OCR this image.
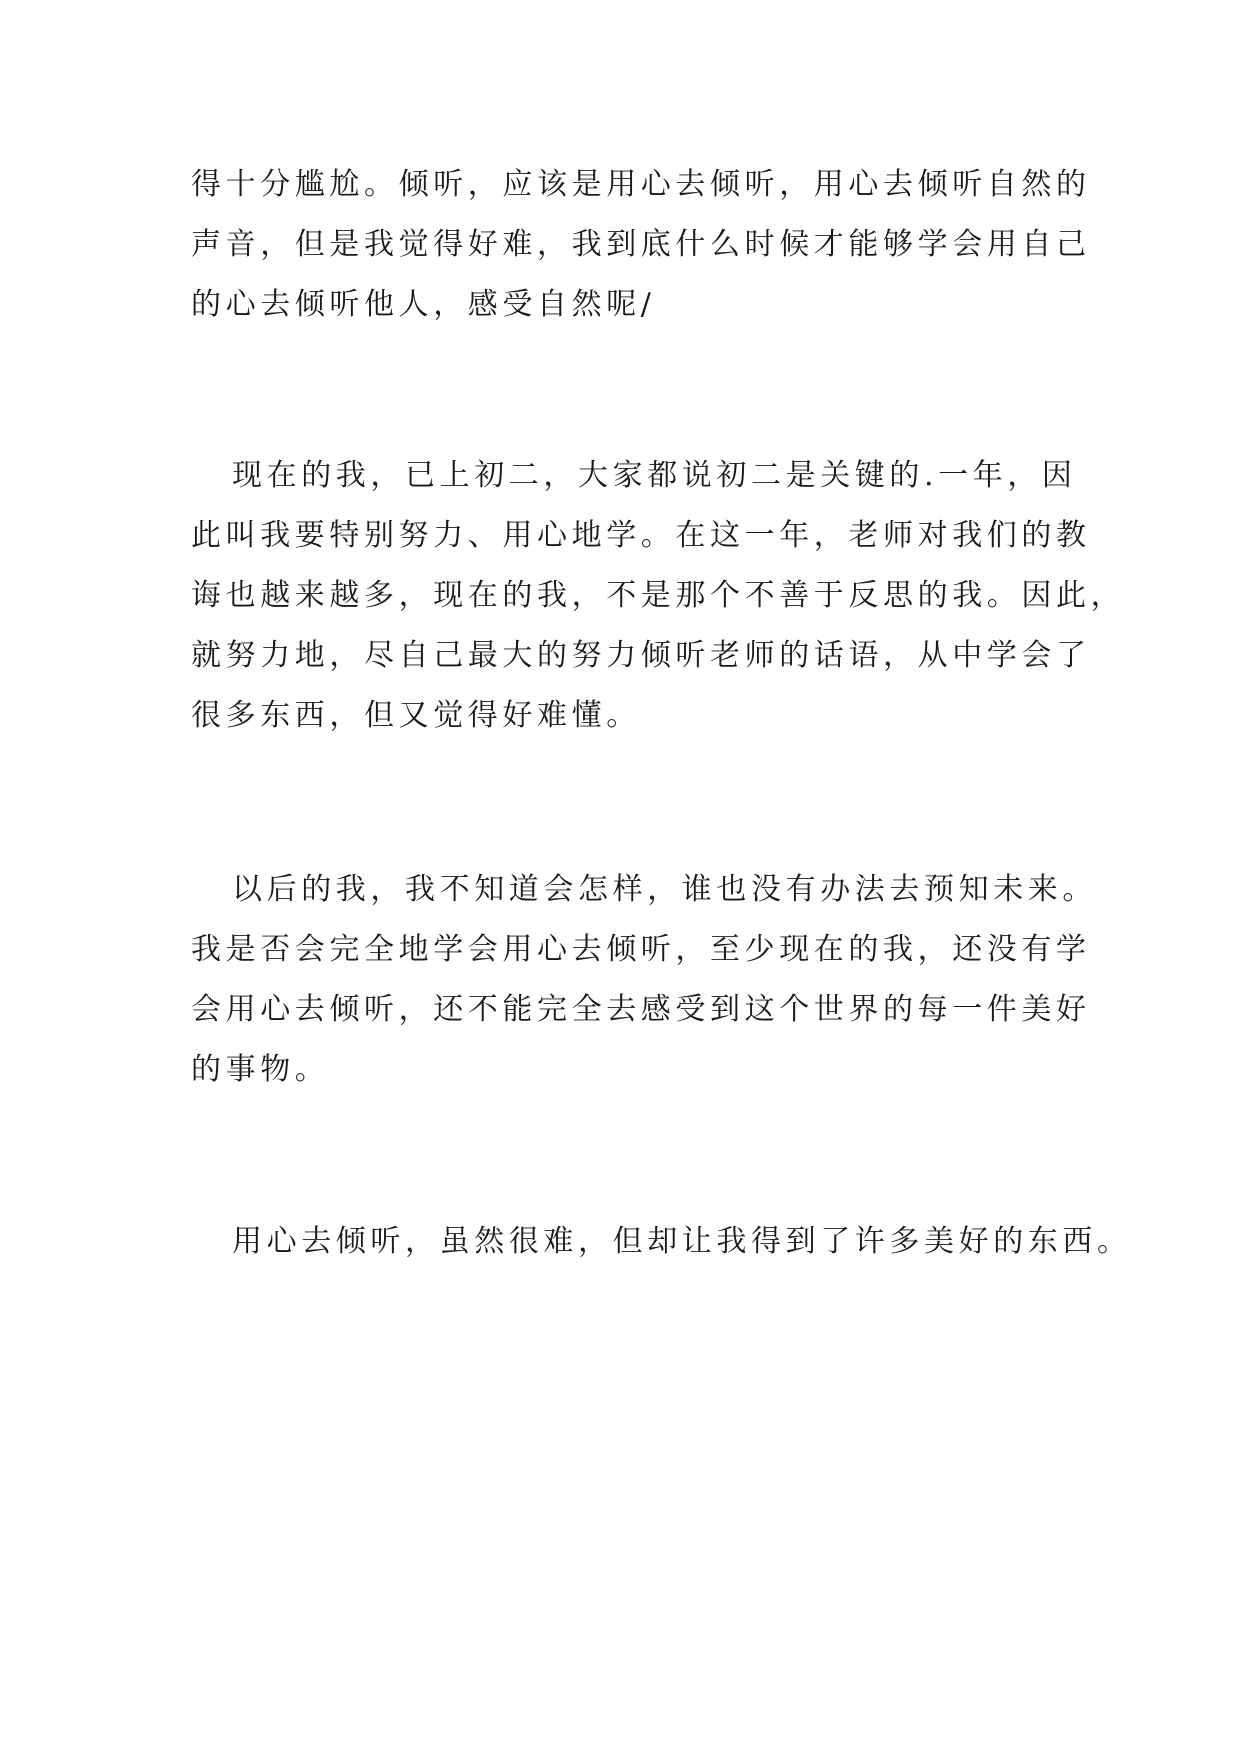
得十分尴尬。倾听，应该是用心去倾听，用心去倾听自然的
声音，但是我觉得好难，我到底什么时候才能够学会用自己
的心去倾听他人，感受自然呢/
现在的我，已上初二，大家都说初二是关键的.一年，因
此叫我要特别努力、用心地学。在这一年，老师对我们的教
诲也越来越多，现在的我，不是那个不善于反思的我。因此，
就努力地，尽自己最大的努力倾听老师的话语，从中学会了
很多东西，但又觉得好难懂。
以后的我，我不知道会怎样，谁也没有办法去预知未来。
我是否会完全地学会用心去倾听，至少现在的我，还没有学
会用心去倾听，还不能完全去感受到这个世界的每一件美好
的事物。
用心去倾听，虽然很难，但却让我得到了许多美好的东西。
